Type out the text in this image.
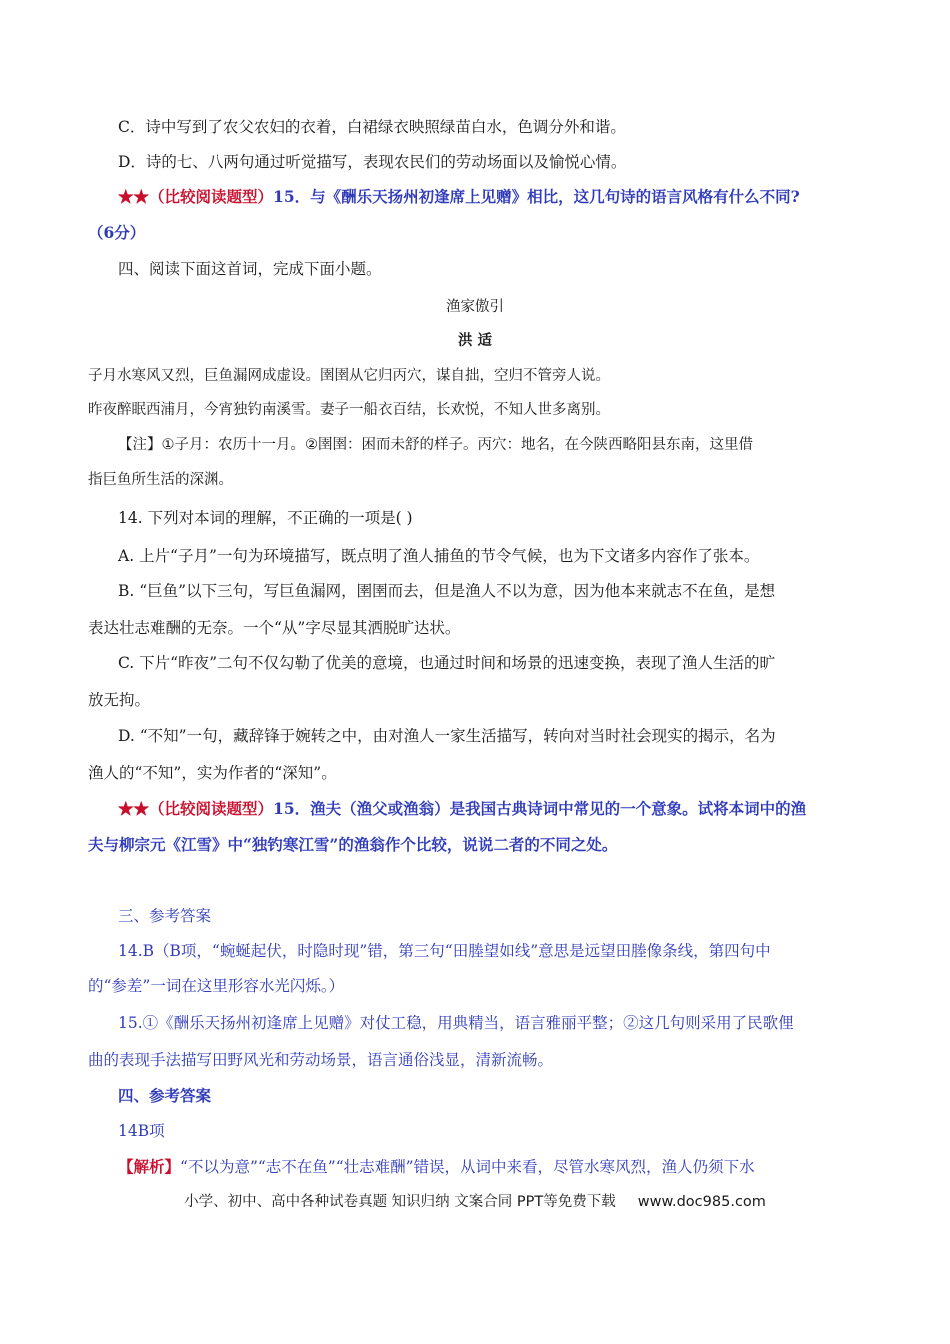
C．诗中写到了农父农妇的衣着，白裙绿衣映照绿苗白水，色调分外和谐。
D．诗的七、八两句通过听觉描写，表现农民们的劳动场面以及愉悦心情。
★★（比较阅读题型）15．与《酬乐天扬州初逢席上见赠》相比，这几句诗的语言风格有什么不同?
（6分）
四、阅读下面这首词，完成下面小题。
渔家傲引
洪 适
子月水寒风又烈，巨鱼漏网成虚设。圉圉从它归丙穴，谋自拙，空归不管旁人说。
昨夜醉眠西浦月，今宵独钓南溪雪。妻子一船衣百结，长欢悦，不知人世多离别。
【注】①子月：农历十一月。②圉圉：困而未舒的样子。丙穴：地名，在今陕西略阳县东南，这里借
指巨鱼所生活的深渊。
14. 下列对本词的理解，不正确的一项是( )
A. 上片“子月”一句为环境描写，既点明了渔人捕鱼的节令气候，也为下文诸多内容作了张本。
B. “巨鱼”以下三句，写巨鱼漏网，圉圉而去，但是渔人不以为意，因为他本来就志不在鱼，是想
表达壮志难酬的无奈。一个“从”字尽显其洒脱旷达状。
C. 下片“昨夜”二句不仅勾勒了优美的意境，也通过时间和场景的迅速变换，表现了渔人生活的旷
放无拘。
D. “不知”一句，藏辞锋于婉转之中，由对渔人一家生活描写，转向对当时社会现实的揭示，名为
渔人的“不知”，实为作者的“深知”。
★★（比较阅读题型）15．渔夫（渔父或渔翁）是我国古典诗词中常见的一个意象。试将本词中的渔
夫与柳宗元《江雪》中“独钓寒江雪”的渔翁作个比较，说说二者的不同之处。
三、参考答案
14.B（B项，“蜿蜒起伏，时隐时现”错，第三句“田塍望如线”意思是远望田塍像条线，第四句中
的“参差”一词在这里形容水光闪烁。）
15.①《酬乐天扬州初逢席上见赠》对仗工稳，用典精当，语言雅丽平整；②这几句则采用了民歌俚
曲的表现手法描写田野风光和劳动场景，语言通俗浅显，清新流畅。
四、参考答案
14B项
【解析】“不以为意”“志不在鱼”“壮志难酬”错误，从词中来看，尽管水寒风烈，渔人仍须下水
小学、初中、高中各种试卷真题 知识归纳 文案合同 PPT等免费下载 www.doc985.com
